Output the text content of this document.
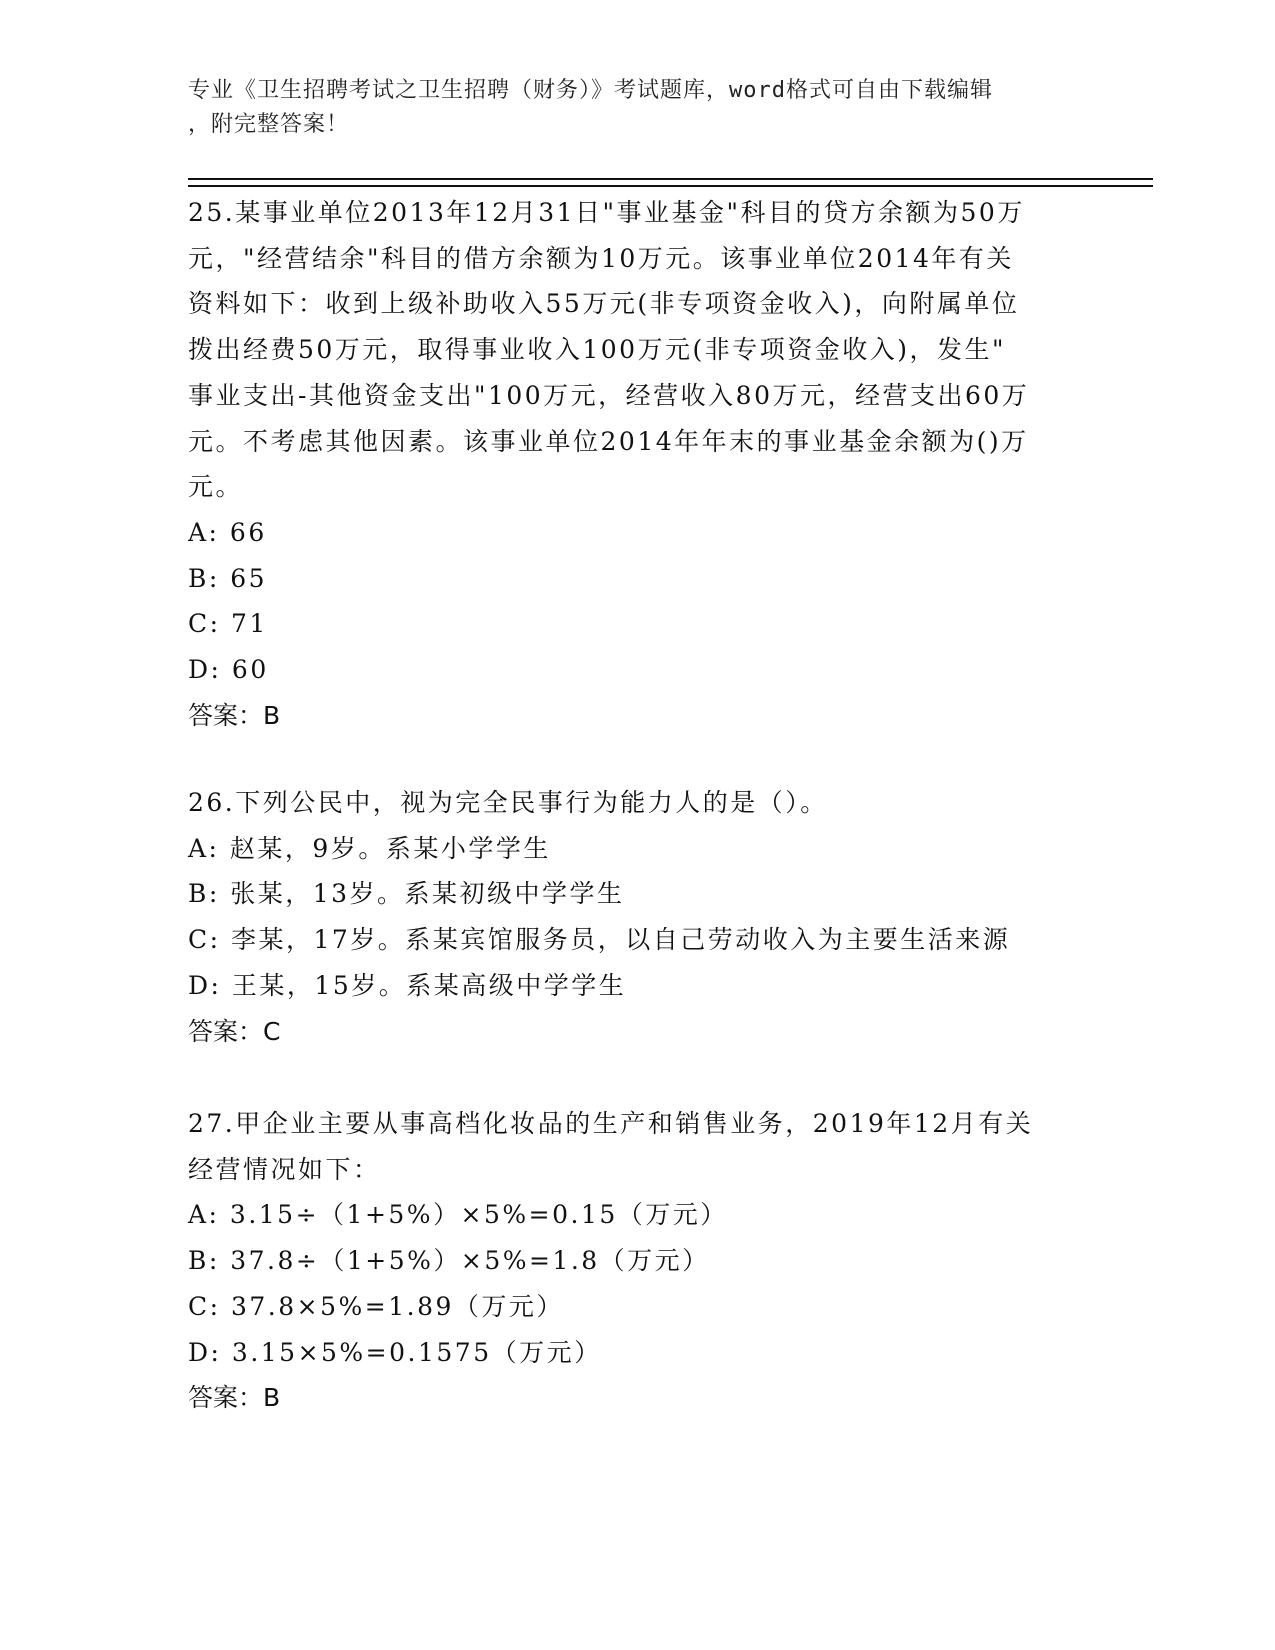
专业《卫生招聘考试之卫生招聘（财务）》考试题库，word格式可自由下载编辑
，附完整答案！

25.某事业单位2013年12月31日"事业基金"科目的贷方余额为50万

元，"经营结余"科目的借方余额为10万元。该事业单位2014年有关

资料如下：收到上级补助收入55万元(非专项资金收入)，向附属单位

拨出经费50万元，取得事业收入100万元(非专项资金收入)，发生"

事业支出-其他资金支出"100万元，经营收入80万元，经营支出60万

元。不考虑其他因素。该事业单位2014年年末的事业基金余额为()万

元。

A: 66

B: 65

C: 71

D: 60

答案：B

26.下列公民中，视为完全民事行为能力人的是（）。

A: 赵某，9岁。系某小学学生

B: 张某，13岁。系某初级中学学生

C: 李某，17岁。系某宾馆服务员，以自己劳动收入为主要生活来源

D: 王某，15岁。系某高级中学学生

答案：C

27.甲企业主要从事高档化妆品的生产和销售业务，2019年12月有关

经营情况如下：

A: 3.15÷（1+5%）×5%=0.15（万元）

B: 37.8÷（1+5%）×5%=1.8（万元）

C: 37.8×5%=1.89（万元）

D: 3.15×5%=0.1575（万元）

答案：B
